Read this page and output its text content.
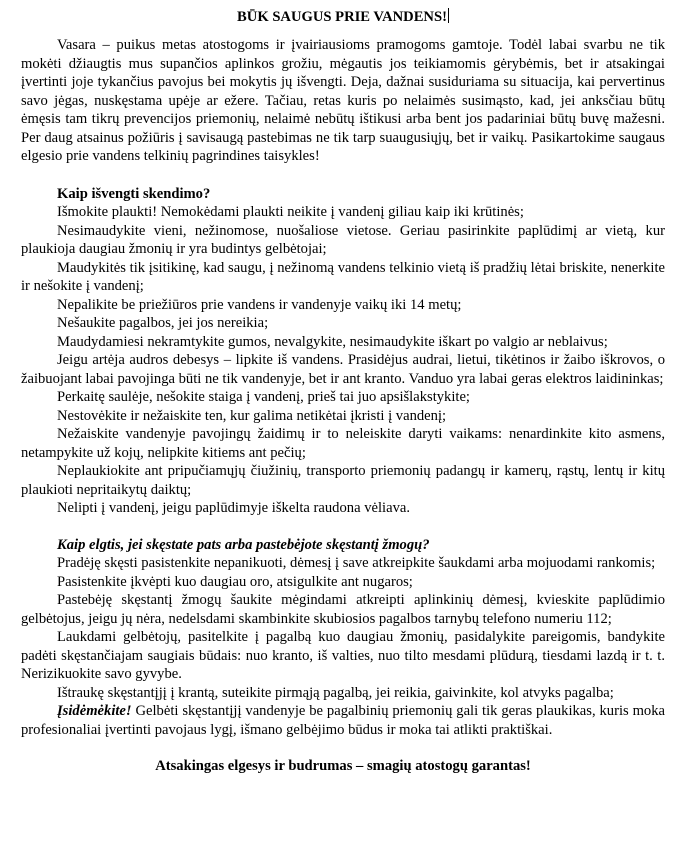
BŪK SAUGUS PRIE VANDENS!

Vasara – puikus metas atostogoms ir įvairiausioms pramogoms gamtoje. Todėl labai svarbu ne tik mokėti džiaugtis mus supančios aplinkos grožiu, mėgautis jos teikiamomis gėrybėmis, bet ir atsakingai įvertinti joje tykančius pavojus bei mokytis jų išvengti. Deja, dažnai susiduriama su situacija, kai pervertinus savo jėgas, nuskęstama upėje ar ežere. Tačiau, retas kuris po nelaimės susimąsto, kad, jei anksčiau būtų ėmęsis tam tikrų prevencijos priemonių, nelaimė nebūtų ištikusi arba bent jos padariniai būtų buvę mažesni. Per daug atsainus požiūris į savisaugą pastebimas ne tik tarp suaugusiųjų, bet ir vaikų. Pasikartokime saugaus elgesio prie vandens telkinių pagrindines taisykles!

Kaip išvengti skendimo?

Išmokite plaukti! Nemokėdami plaukti neikite į vandenį giliau kaip iki krūtinės;

Nesimaudykite vieni, nežinomose, nuošaliose vietose. Geriau pasirinkite paplūdimį ar vietą, kur plaukioja daugiau žmonių ir yra budintys gelbėtojai;

Maudykitės tik įsitikinę, kad saugu, į nežinomą vandens telkinio vietą iš pradžių lėtai briskite, nenerkite ir nešokite į vandenį;

Nepalikite be priežiūros prie vandens ir vandenyje vaikų iki 14 metų;

Nešaukite pagalbos, jei jos nereikia;

Maudydamiesi nekramtykite gumos, nevalgykite, nesimaudykite iškart po valgio ar neblaivus;

Jeigu artėja audros debesys – lipkite iš vandens. Prasidėjus audrai, lietui, tikėtinos ir žaibo iškrovos, o žaibuojant labai pavojinga būti ne tik vandenyje, bet ir ant kranto. Vanduo yra labai geras elektros laidininkas;

Perkaitę saulėje, nešokite staiga į vandenį, prieš tai juo apsišlakstykite;

Nestovėkite ir nežaiskite ten, kur galima netikėtai įkristi į vandenį;

Nežaiskite vandenyje pavojingų žaidimų ir to neleiskite daryti vaikams: nenardinkite kito asmens, netampykite už kojų, nelipkite kitiems ant pečių;

Neplaukiokite ant pripučiamųjų čiužinių, transporto priemonių padangų ir kamerų, rąstų, lentų ir kitų plaukioti nepritaikytų daiktų;

Nelipti į vandenį, jeigu paplūdimyje iškelta raudona vėliava.

Kaip elgtis, jei skęstate pats arba pastebėjote skęstantį žmogų?

Pradėję skęsti pasistenkite nepanikuoti, dėmesį į save atkreipkite šaukdami arba mojuodami rankomis;

Pasistenkite įkvėpti kuo daugiau oro, atsigulkite ant nugaros;

Pastebėję skęstantį žmogų šaukite mėgindami atkreipti aplinkinių dėmesį, kvieskite paplūdimio gelbėtojus, jeigu jų nėra, nedelsdami skambinkite skubiosios pagalbos tarnybų telefono numeriu 112;

Laukdami gelbėtojų, pasitelkite į pagalbą kuo daugiau žmonių, pasidalykite pareigomis, bandykite padėti skęstančiajam saugiais būdais: nuo kranto, iš valties, nuo tilto mesdami plūdurą, tiesdami lazdą ir t. t. Nerizikuokite savo gyvybe.

Ištraukę skęstantįjį į krantą, suteikite pirmąją pagalbą, jei reikia, gaivinkite, kol atvyks pagalba;

Įsidėmėkite! Gelbėti skęstantįjį vandenyje be pagalbinių priemonių gali tik geras plaukikas, kuris moka profesionaliai įvertinti pavojaus lygį, išmano gelbėjimo būdus ir moka tai atlikti praktiškai.

Atsakingas elgesys ir budrumas – smagių atostogų garantas!
